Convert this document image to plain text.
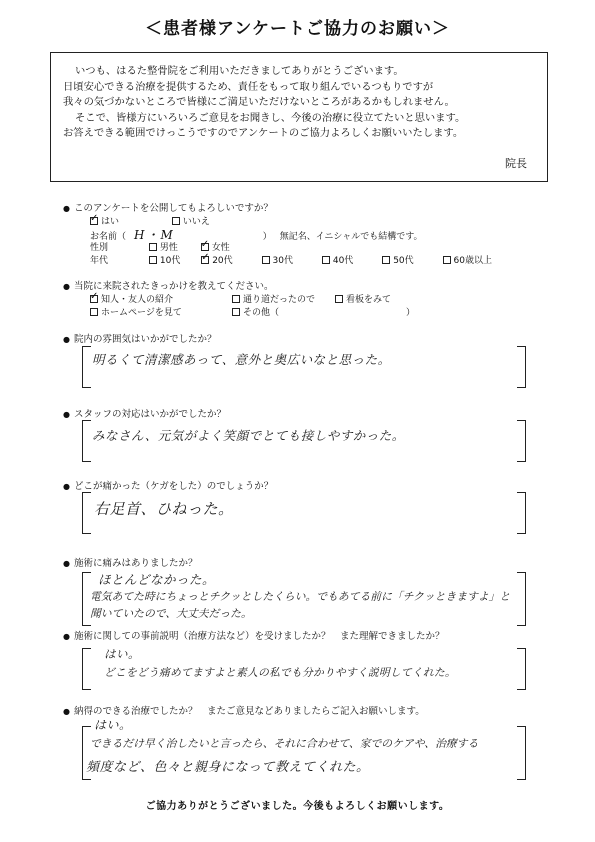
＜患者様アンケートご協力のお願い＞
いつも、はるた整骨院をご利用いただきましてありがとうございます。
日頃安心できる治療を提供するため、責任をもって取り組んでいるつもりですが
我々の気づかないところで皆様にご満足いただけないところがあるかもしれません。
そこで、皆様方にいろいろご意見をお聞きし、今後の治療に役立てたいと思います。
お答えできる範囲でけっこうですのでアンケートのご協力よろしくお願いいたします。
院長
● このアンケートを公開してもよろしいですか？
✓はい	いいえ
お名前（ H・M	） 無記名、イニシャルでも結構です。
性別	男性 ✓	女性
年代	10代 ✓	20代	30代	40代	50代	60歳以上
● 当院に来院されたきっかけを教えてください。
✓知人・友人の紹介	通り道だったので	看板をみて
ホームページを見て	その他（	）
● 院内の雰囲気はいかがでしたか？
明るくて清潔感あって、意外と奥広いなと思った。
● スタッフの対応はいかがでしたか？
みなさん、元気がよく笑顔でとても接しやすかった。
● どこが痛かった（ケガをした）のでしょうか？
右足首、ひねった。
● 施術に痛みはありましたか？
ほとんどなかった。
電気あてた時にちょっとチクッとしたくらい。でもあてる前に「チクッときますよ」と
聞いていたので、大丈夫だった。
● 施術に関しての事前説明（治療方法など）を受けましたか？　また理解できましたか？
はい。
どこをどう痛めてますよと素人の私でも分かりやすく説明してくれた。
● 納得のできる治療でしたか？　またご意見などありましたらご記入お願いします。
はい。
できるだけ早く治したいと言ったら、それに合わせて、家でのケアや、治療する
頻度など、色々と親身になって教えてくれた。
ご協力ありがとうございました。今後もよろしくお願いします。
